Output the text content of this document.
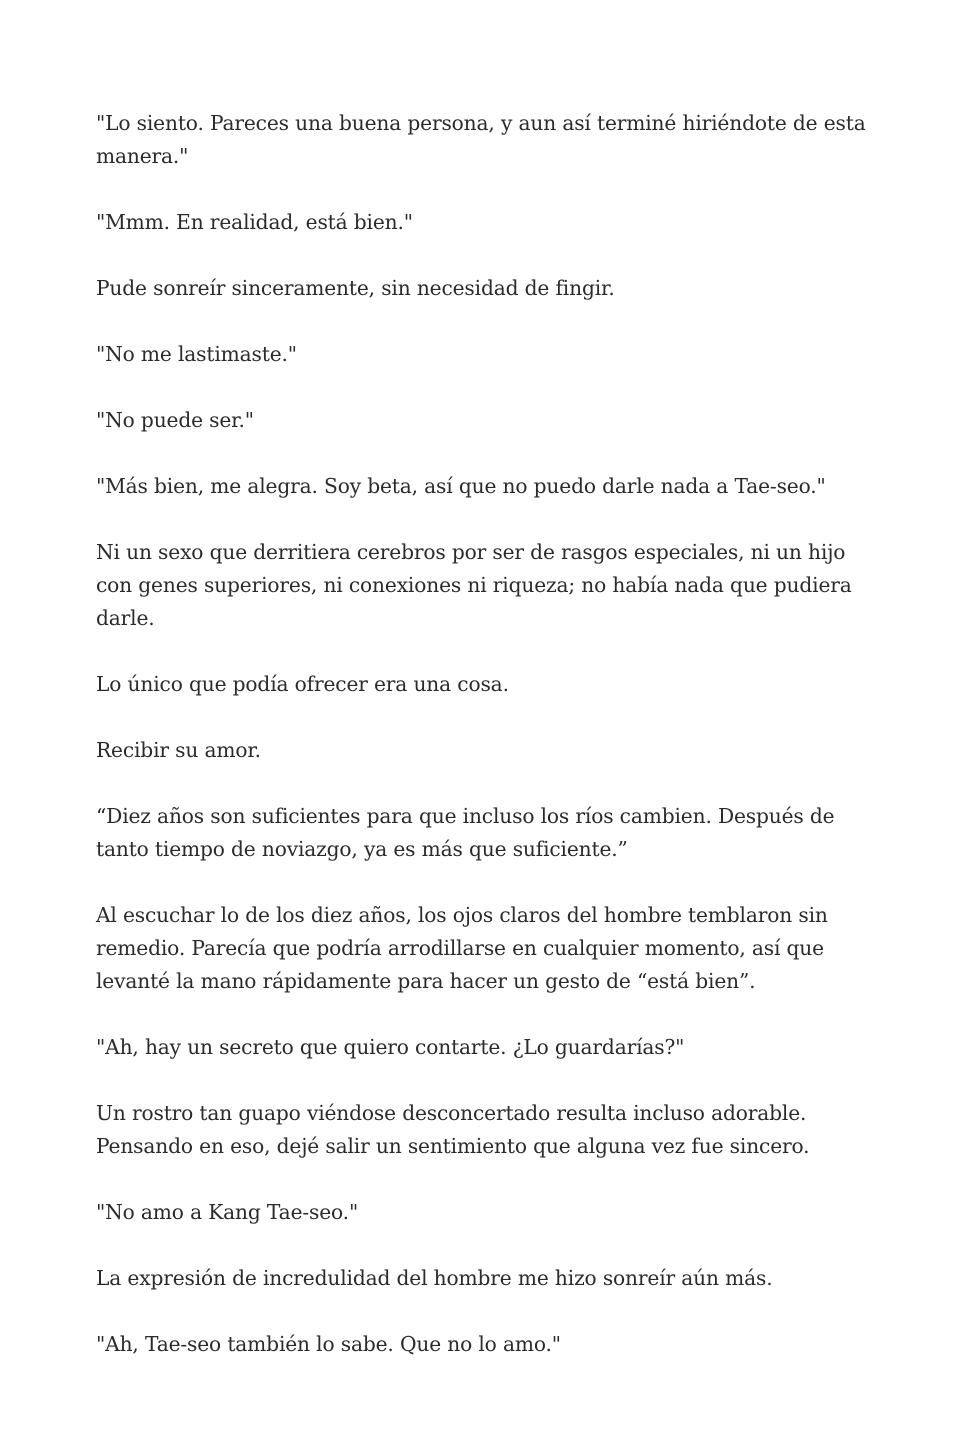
"Lo siento. Pareces una buena persona, y aun así terminé hiriéndote de esta manera."

"Mmm. En realidad, está bien."

Pude sonreír sinceramente, sin necesidad de fingir.

"No me lastimaste."

"No puede ser."

"Más bien, me alegra. Soy beta, así que no puedo darle nada a Tae-seo."

Ni un sexo que derritiera cerebros por ser de rasgos especiales, ni un hijo con genes superiores, ni conexiones ni riqueza; no había nada que pudiera darle.

Lo único que podía ofrecer era una cosa.

Recibir su amor.

“Diez años son suficientes para que incluso los ríos cambien. Después de tanto tiempo de noviazgo, ya es más que suficiente.”

Al escuchar lo de los diez años, los ojos claros del hombre temblaron sin remedio. Parecía que podría arrodillarse en cualquier momento, así que levanté la mano rápidamente para hacer un gesto de “está bien”.

"Ah, hay un secreto que quiero contarte. ¿Lo guardarías?"

Un rostro tan guapo viéndose desconcertado resulta incluso adorable. Pensando en eso, dejé salir un sentimiento que alguna vez fue sincero.

"No amo a Kang Tae-seo."

La expresión de incredulidad del hombre me hizo sonreír aún más.

"Ah, Tae-seo también lo sabe. Que no lo amo."
